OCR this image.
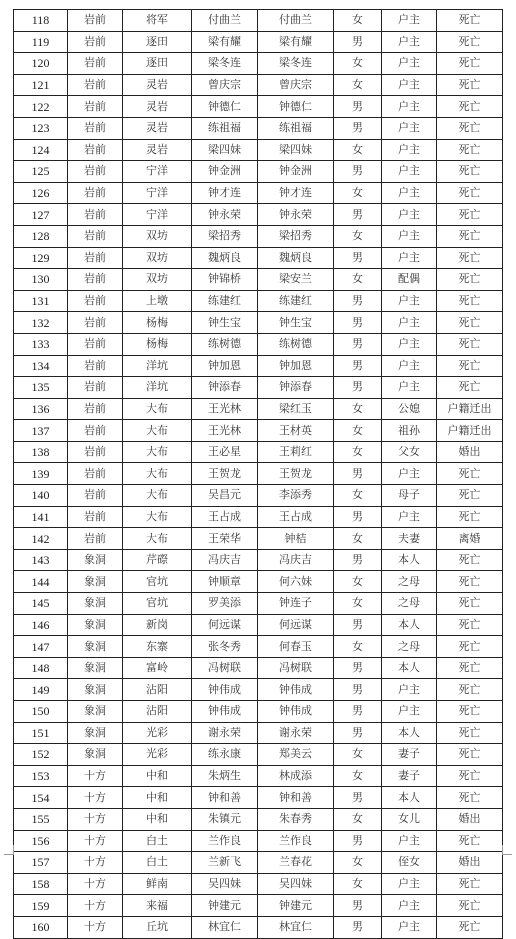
118	岩前	将军	付曲兰	付曲兰	女	户主	死亡
119	岩前	逐田	梁有耀	梁有耀	男	户主	死亡
120	岩前	逐田	梁冬连	梁冬连	女	户主	死亡
121	岩前	灵岩	曾庆宗	曾庆宗	女	户主	死亡
122	岩前	灵岩	钟德仁	钟德仁	男	户主	死亡
123	岩前	灵岩	练祖福	练祖福	男	户主	死亡
124	岩前	灵岩	梁四妹	梁四妹	女	户主	死亡
125	岩前	宁洋	钟金洲	钟金洲	男	户主	死亡
126	岩前	宁洋	钟才连	钟才连	女	户主	死亡
127	岩前	宁洋	钟永荣	钟永荣	男	户主	死亡
128	岩前	双坊	梁招秀	梁招秀	女	户主	死亡
129	岩前	双坊	魏炳良	魏炳良	男	户主	死亡
130	岩前	双坊	钟锦桥	梁安兰	女	配偶	死亡
131	岩前	上墩	练建红	练建红	男	户主	死亡
132	岩前	杨梅	钟生宝	钟生宝	男	户主	死亡
133	岩前	杨梅	练树德	练树德	男	户主	死亡
134	岩前	洋坑	钟加恩	钟加恩	男	户主	死亡
135	岩前	洋坑	钟添春	钟添春	男	户主	死亡
136	岩前	大布	王光林	梁红玉	女	公媳	户籍迁出
137	岩前	大布	王光林	王材英	女	祖孙	户籍迁出
138	岩前	大布	王必星	王莉红	女	父女	婚出
139	岩前	大布	王贺龙	王贺龙	男	户主	死亡
140	岩前	大布	吴昌元	李添秀	女	母子	死亡
141	岩前	大布	王占成	王占成	男	户主	死亡
142	岩前	大布	王荣华	钟桔	女	夫妻	离婚
143	象洞	芹磜	冯庆吉	冯庆吉	男	本人	死亡
144	象洞	官坑	钟顺章	何六妹	女	之母	死亡
145	象洞	官坑	罗美添	钟连子	女	之母	死亡
146	象洞	新岗	何远谋	何远谋	男	本人	死亡
147	象洞	东寨	张冬秀	何春玉	女	之母	死亡
148	象洞	富岭	冯树联	冯树联	男	本人	死亡
149	象洞	沾阳	钟伟成	钟伟成	男	户主	死亡
150	象洞	沾阳	钟伟成	钟伟成	男	户主	死亡
151	象洞	光彩	谢永荣	谢永荣	男	本人	死亡
152	象洞	光彩	练永康	郑美云	女	妻子	死亡
153	十方	中和	朱炳生	林成添	女	妻子	死亡
154	十方	中和	钟和善	钟和善	男	本人	死亡
155	十方	中和	朱镇元	朱春秀	女	女儿	婚出
156	十方	白土	兰作良	兰作良	男	户主	死亡
157	十方	白土	兰新飞	兰春花	女	侄女	婚出
158	十方	鲜南	吴四妹	吴四妹	女	户主	死亡
159	十方	来福	钟建元	钟建元	男	户主	死亡
160	十方	丘坑	林宜仁	林宜仁	男	户主	死亡
